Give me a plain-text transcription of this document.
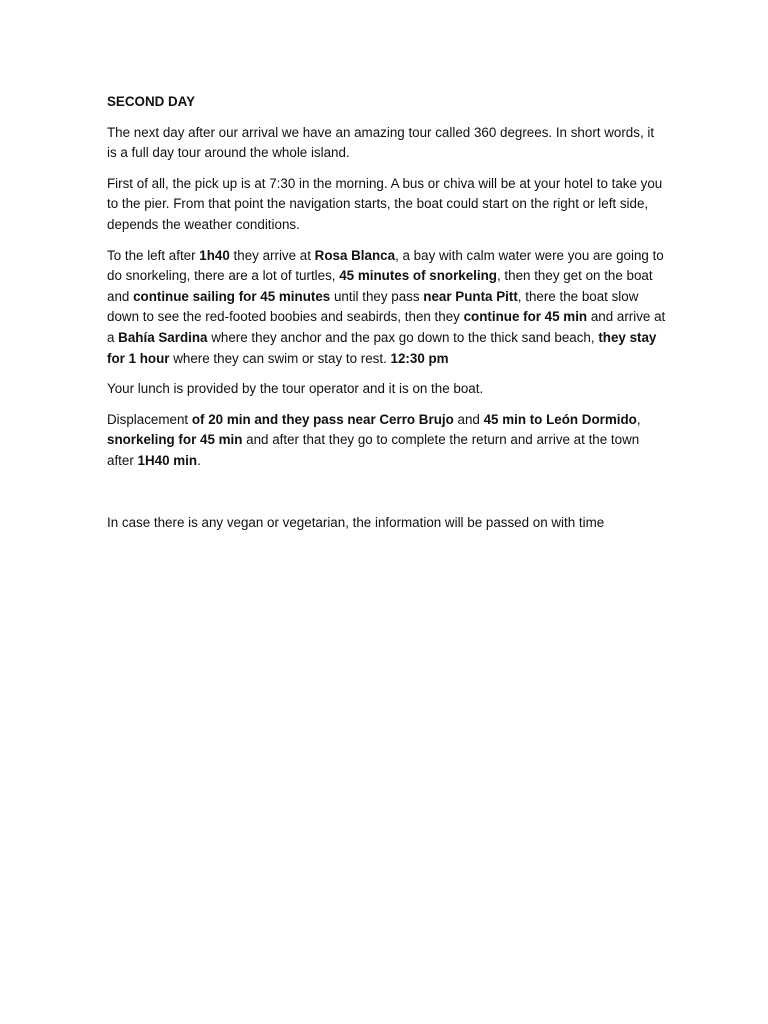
SECOND DAY

The next day after our arrival we have an amazing tour called 360 degrees. In short words, it is a full day tour around the whole island.

First of all, the pick up is at 7:30 in the morning. A bus or chiva will be at your hotel to take you to the pier. From that point the navigation starts, the boat could start on the right or left side, depends the weather conditions.

To the left after 1h40 they arrive at Rosa Blanca, a bay with calm water were you are going to do snorkeling, there are a lot of turtles, 45 minutes of snorkeling, then they get on the boat and continue sailing for 45 minutes until they pass near Punta Pitt, there the boat slow down to see the red-footed boobies and seabirds, then they continue for 45 min and arrive at a Bahía Sardina where they anchor and the pax go down to the thick sand beach, they stay for 1 hour where they can swim or stay to rest. 12:30 pm

Your lunch is provided by the tour operator and it is on the boat.

Displacement of 20 min and they pass near Cerro Brujo and 45 min to León Dormido, snorkeling for 45 min and after that they go to complete the return and arrive at the town after 1H40 min.

In case there is any vegan or vegetarian, the information will be passed on with time
